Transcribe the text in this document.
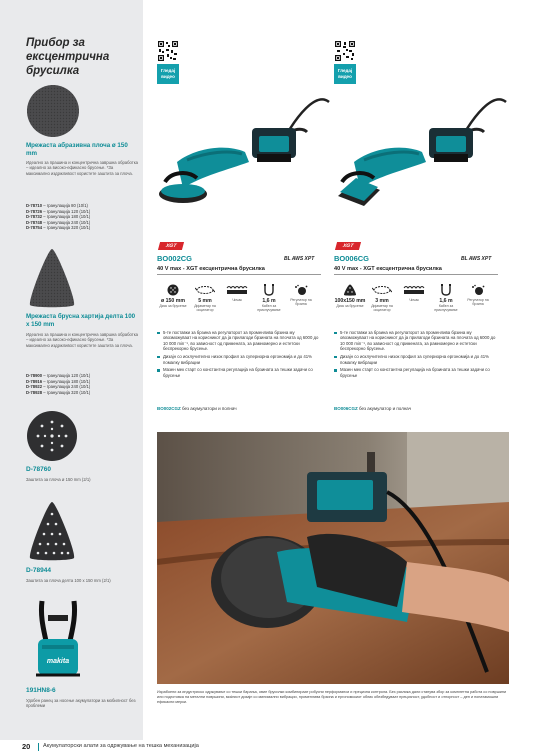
Прибор за ексцентрична брусилка
Мрежаста абразивна плоча ø 150 mm
Идеално за прашина и концентрична завршна обработка – идеално за високо-ефикасно брусење. *За максимално издржливост користете заштита за плоча.
D-78710 – гранулација 80 (10/1)
D-78726 – гранулација 120 (10/1)
D-78732 – гранулација 180 (10/1)
D-78748 – гранулација 240 (10/1)
D-78754 – гранулација 320 (10/1)
Мрежаста брусна хартија делта 100 x 150 mm
Идеално за прашина и концентрична завршна обработка – идеално за високо-ефикасно брусење. *За максимално издржливост користете заштита за плоча.
D-78900 – гранулација 120 (10/1)
D-78916 – гранулација 180 (10/1)
D-78922 – гранулација 240 (10/1)
D-78928 – гранулација 320 (10/1)
D-78760
Заштита за плоча ø 150 mm (2/1)
D-78944
Заштита за плоча делта 100 x 150 mm (2/1)
makita
191HN8-6
Удобен ранец за носење акумулатори за мобилност без проблеми
Гледај видео
XGT
BO002CG	BL AWS XPT
40 V max - XGT ексцентрична брусилка
ø 150 mm
Диск за брусење
5 mm
Дијаметар на осцилатор
Чичак	1,6 m
Кабел за приклучување
Регулатор на брзина
5-те поставки за брзина на регулаторот за променлива брзина му овозможуваат на корисникот да ја прилагоди брзината на плочата од 6000 до 10 000 min⁻¹, во зависност од примената, за рамномерно и естетски беспрекорно брусење.
Дизајн со исклучително низок профил за супериорна ергономија и до 41% помалку вибрации
Мазен мек старт со константна регулација на брзината за тешки задачи со брусење
BO002CGZ без акумулатори и полнач
Гледај видео
XGT
BO006CG	BL AWS XPT
40 V max - XGT ексцентрична брусилка
100x150 mm
Диск за брусење
3 mm
Дијаметар на осцилатор
Чичак	1,6 m
Кабел за приклучување
Регулатор на брзина
5-те поставки за брзина на регулаторот за променлива брзина му овозможуваат на корисникот да ја прилагоди брзината на плочата од 6000 до 10 000 min⁻¹, во зависност од примената, за рамномерно и естетски беспрекорно брусење.
Дизајн со исклучително низок профил за супериорна ергономија и до 41% помалку вибрации
Мазен мек старт со константна регулација на брзината за тешки задачи со брусење
BO006CGZ без акумулатор и полнач
Израбоени за индустриско одржување со тешки барања, овие брусилки комбинираат робусни перформанси и прецизна контрола. Без разлика дали станува збор за комплетна работа со површини или подготовка на метални површини, моќниот дизајн со минимални вибрации, променлива брзина и ергономскиот облик обезбедуваат прецизност, удобност и отпорност – ден и понатамошни ефикасни мерки.
20 Акумулаторски алати за одржување на тешка механизација
